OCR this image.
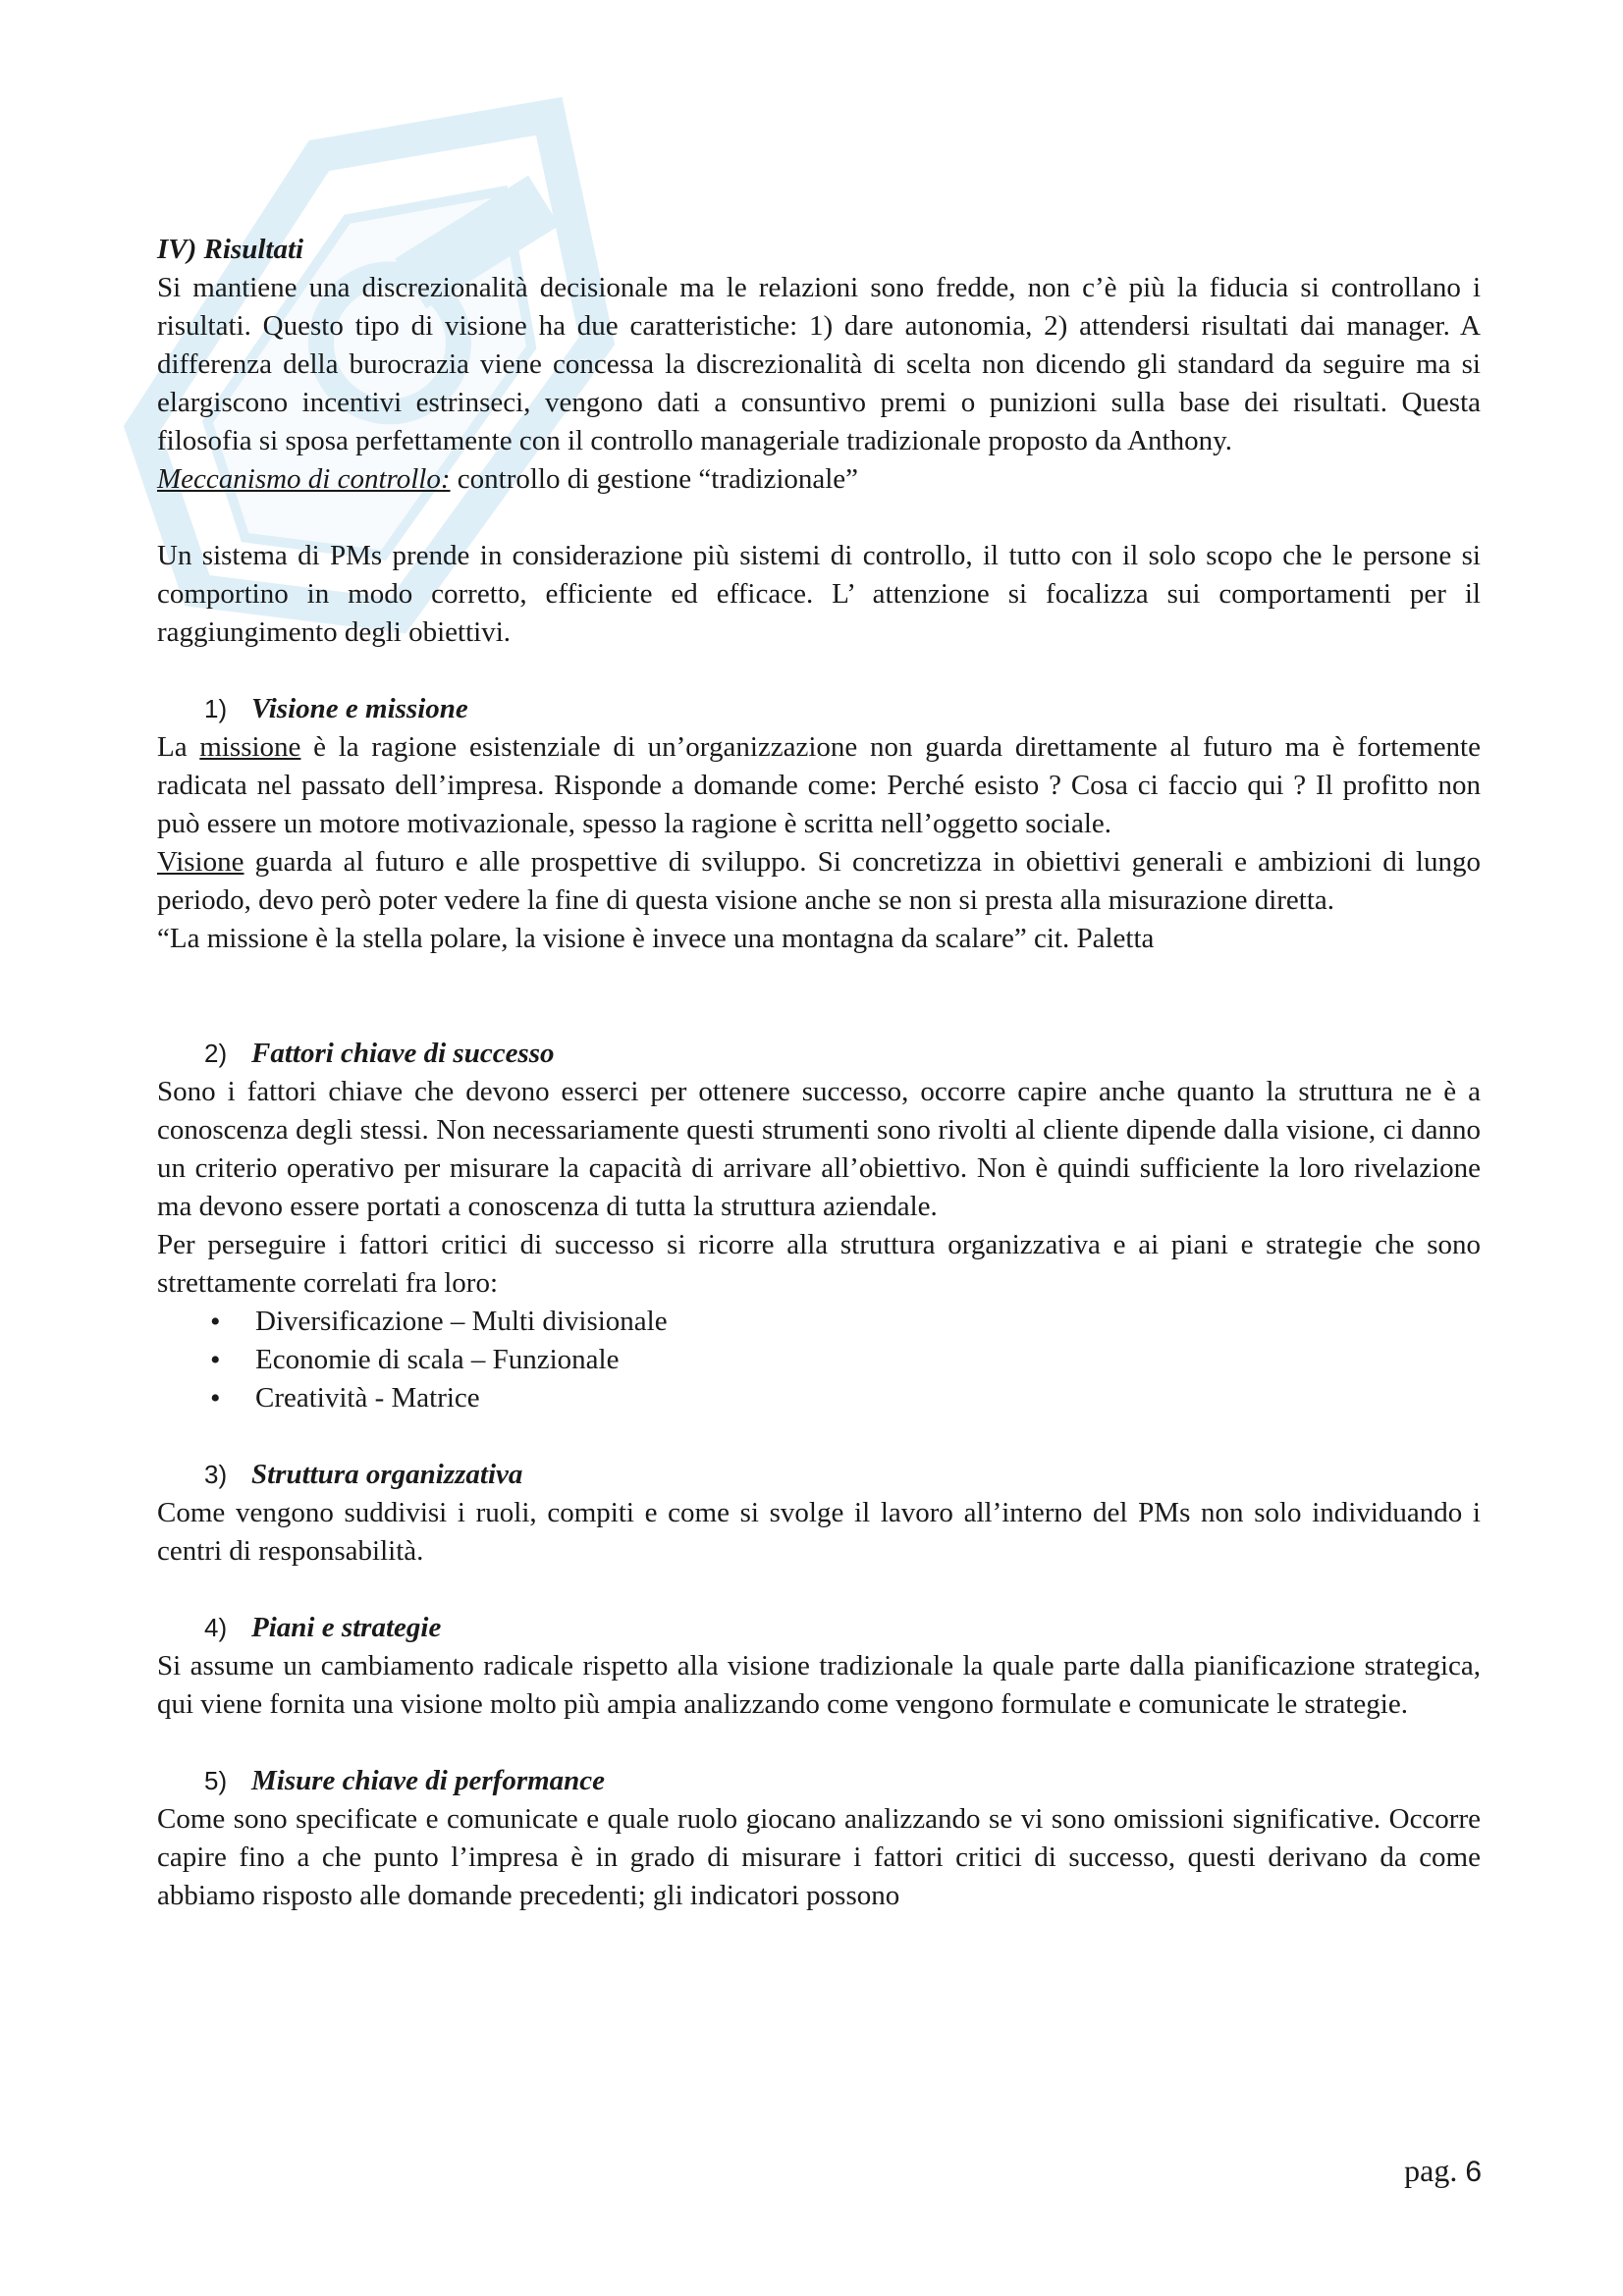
IV) Risultati

Si mantiene una discrezionalità decisionale ma le relazioni sono fredde, non c’è più la fiducia si controllano i risultati. Questo tipo di visione ha due caratteristiche: 1) dare autonomia, 2) attendersi risultati dai manager. A differenza della burocrazia viene concessa la discrezionalità di scelta non dicendo gli standard da seguire ma si elargiscono incentivi estrinseci, vengono dati a consuntivo premi o punizioni sulla base dei risultati. Questa filosofia si sposa perfettamente con il controllo manageriale tradizionale proposto da Anthony.

Meccanismo di controllo: controllo di gestione “tradizionale”

Un sistema di PMs prende in considerazione più sistemi di controllo, il tutto con il solo scopo che le persone si comportino in modo corretto, efficiente ed efficace. L’ attenzione si focalizza sui comportamenti per il raggiungimento degli obiettivi.

1) Visione e missione

La missione è la ragione esistenziale di un’organizzazione non guarda direttamente al futuro ma è fortemente radicata nel passato dell’impresa. Risponde a domande come: Perché esisto ? Cosa ci faccio qui ? Il profitto non può essere un motore motivazionale, spesso la ragione è scritta nell’oggetto sociale.

Visione guarda al futuro e alle prospettive di sviluppo. Si concretizza in obiettivi generali e ambizioni di lungo periodo, devo però poter vedere la fine di questa visione anche se non si presta alla misurazione diretta.

“La missione è la stella polare, la visione è invece una montagna da scalare” cit. Paletta

2) Fattori chiave di successo

Sono i fattori chiave che devono esserci per ottenere successo, occorre capire anche quanto la struttura ne è a conoscenza degli stessi. Non necessariamente questi strumenti sono rivolti al cliente dipende dalla visione, ci danno un criterio operativo per misurare la capacità di arrivare all’obiettivo. Non è quindi sufficiente la loro rivelazione ma devono essere portati a conoscenza di tutta la struttura aziendale.

Per perseguire i fattori critici di successo si ricorre alla struttura organizzativa e ai piani e strategie che sono strettamente correlati fra loro:

• Diversificazione – Multi divisionale
• Economie di scala – Funzionale
• Creatività - Matrice
3) Struttura organizzativa

Come vengono suddivisi i ruoli, compiti e come si svolge il lavoro all’interno del PMs non solo individuando i centri di responsabilità.

4) Piani e strategie

Si assume un cambiamento radicale rispetto alla visione tradizionale la quale parte dalla pianificazione strategica, qui viene fornita una visione molto più ampia analizzando come vengono formulate e comunicate le strategie.

5) Misure chiave di performance

Come sono specificate e comunicate e quale ruolo giocano analizzando se vi sono omissioni significative. Occorre capire fino a che punto l’impresa è in grado di misurare i fattori critici di successo, questi derivano da come abbiamo risposto alle domande precedenti; gli indicatori possono

pag. 6
